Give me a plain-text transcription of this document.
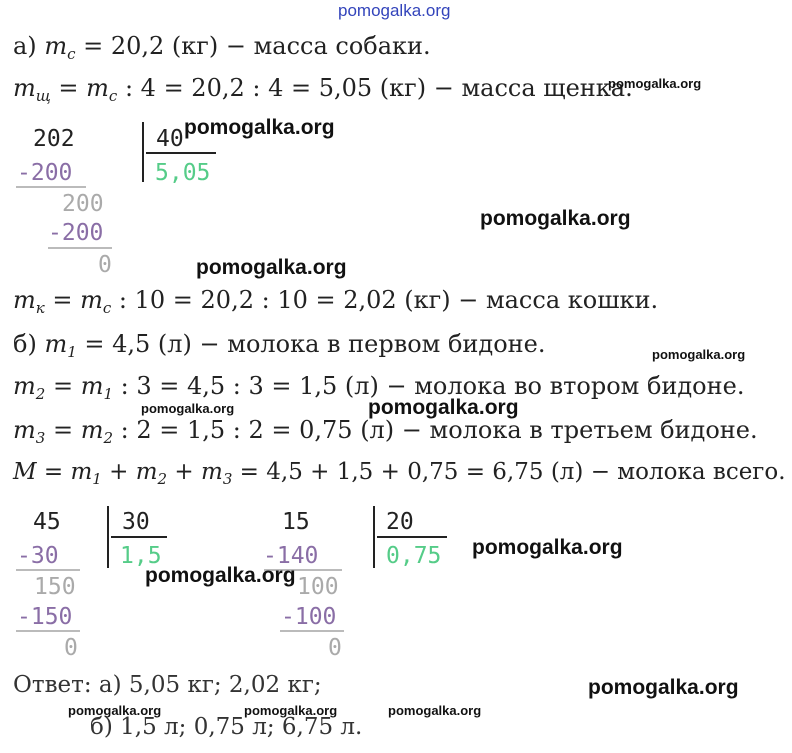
pomogalka.org
а) $m_с = 20,2$ (кг) − масса собаки.
$m_щ = m_с$ : 4 = 20,2 : 4 = 5,05 (кг) − масса щенка.
pomogalka.org
202	40
5,05
-200
200
-200
0
pomogalka.org
pomogalka.org
pomogalka.org
$m_к = m_с$ : 10 = 20,2 : 10 = 2,02 (кг) − масса кошки.
б) $m_1 = 4,5$ (л) − молока в первом бидоне.	pomogalka.org
$m_2 = m_1$ : 3 = 4,5 : 3 = 1,5 (л) − молока во втором бидоне.
pomogalka.org	pomogalka.org
$m_3 = m_2$ : 2 = 1,5 : 2 = 0,75 (л) − молока в третьем бидоне.
$M = m_1 + m_2 + m_3 = 4,5 + 1,5 + 0,75 = 6,75$ (л) − молока всего.
45	30
1,5
-30
150
-150
0
15	20
0,75
-140
100
-100
0
pomogalka.org
pomogalka.org
Ответ: а) 5,05 кг; 2,02 кг;	pomogalka.org
pomogalka.org	pomogalka.org	pomogalka.org
б) 1,5 л; 0,75 л; 6,75 л.
